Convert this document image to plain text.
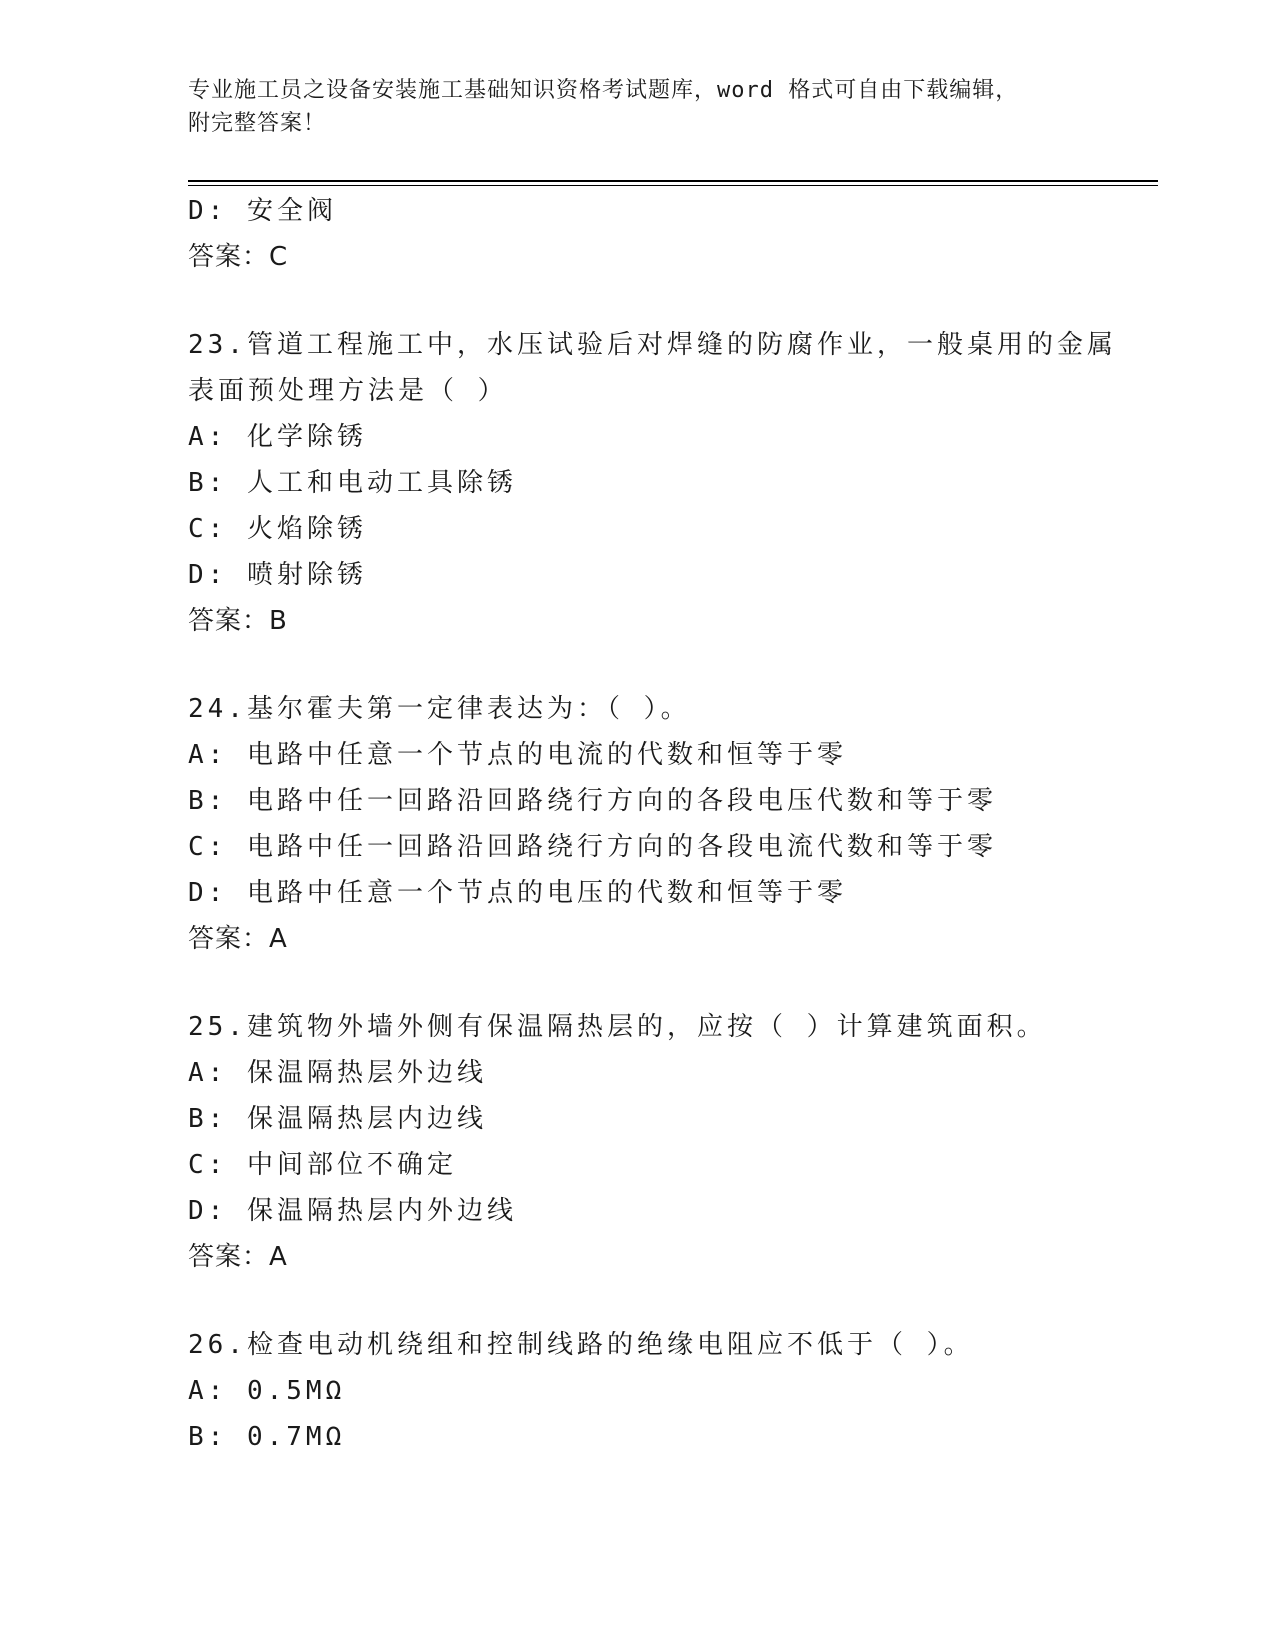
专业施工员之设备安装施工基础知识资格考试题库，word 格式可自由下载编辑，
附完整答案！
D: 安全阀
答案：C
23.管道工程施工中，水压试验后对焊缝的防腐作业，一般桌用的金属
表面预处理方法是（ ）
A: 化学除锈
B: 人工和电动工具除锈
C: 火焰除锈
D: 喷射除锈
答案：B
24.基尔霍夫第一定律表达为：（ ）。
A: 电路中任意一个节点的电流的代数和恒等于零
B: 电路中任一回路沿回路绕行方向的各段电压代数和等于零
C: 电路中任一回路沿回路绕行方向的各段电流代数和等于零
D: 电路中任意一个节点的电压的代数和恒等于零
答案：A
25.建筑物外墙外侧有保温隔热层的，应按（ ）计算建筑面积。
A: 保温隔热层外边线
B: 保温隔热层内边线
C: 中间部位不确定
D: 保温隔热层内外边线
答案：A
26.检查电动机绕组和控制线路的绝缘电阻应不低于（ ）。
A: 0.5MΩ
B: 0.7MΩ
